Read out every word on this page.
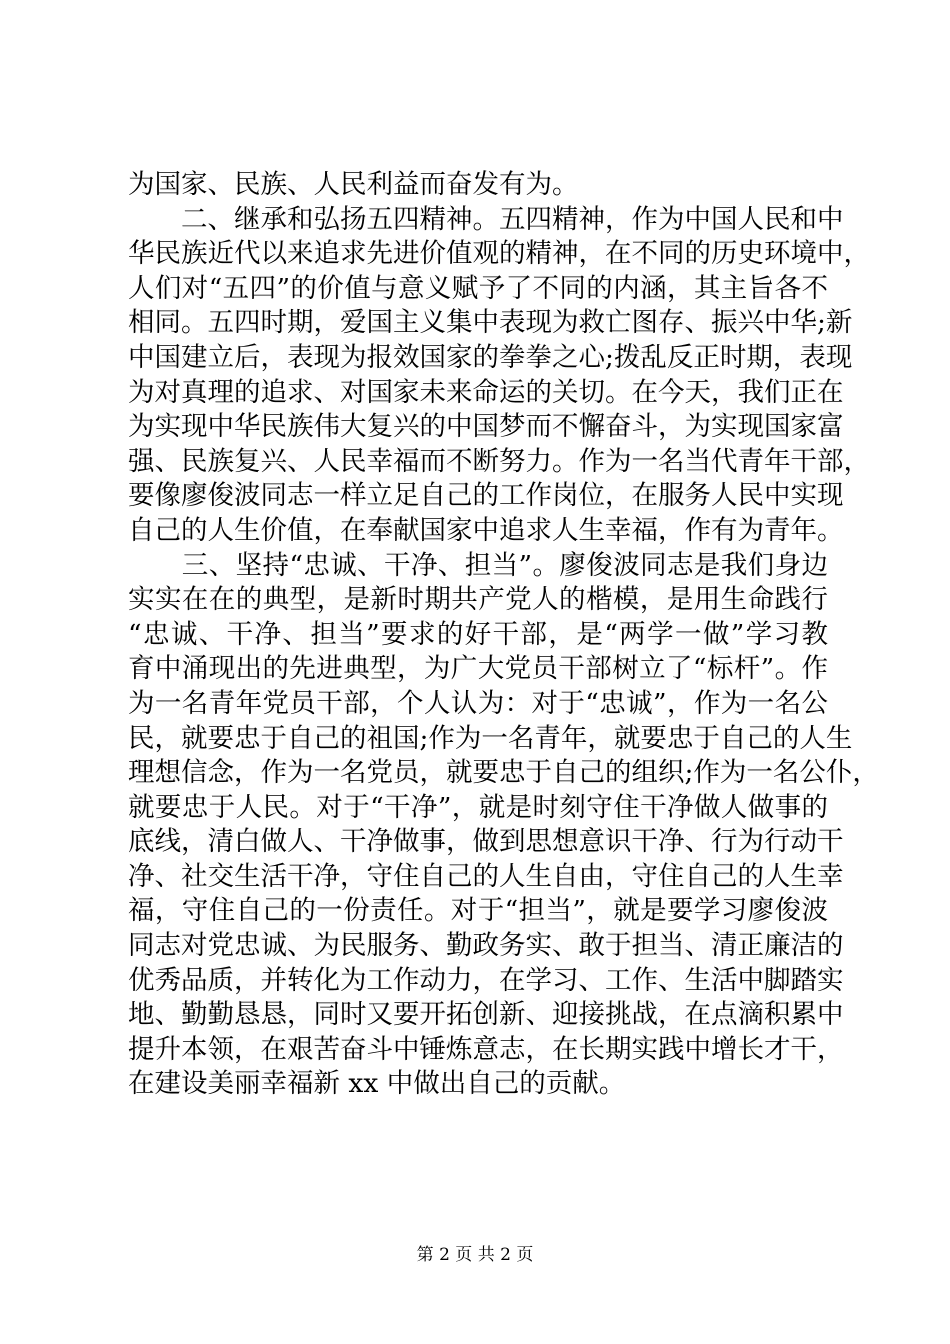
为国家、民族、人民利益而奋发有为。
　　二、继承和弘扬五四精神。五四精神，作为中国人民和中
华民族近代以来追求先进价值观的精神，在不同的历史环境中，
人们对“五四”的价值与意义赋予了不同的内涵，其主旨各不
相同。五四时期，爱国主义集中表现为救亡图存、振兴中华;新
中国建立后，表现为报效国家的拳拳之心;拨乱反正时期，表现
为对真理的追求、对国家未来命运的关切。在今天，我们正在
为实现中华民族伟大复兴的中国梦而不懈奋斗，为实现国家富
强、民族复兴、人民幸福而不断努力。作为一名当代青年干部，
要像廖俊波同志一样立足自己的工作岗位，在服务人民中实现
自己的人生价值，在奉献国家中追求人生幸福，作有为青年。
　　三、坚持“忠诚、干净、担当”。廖俊波同志是我们身边
实实在在的典型，是新时期共产党人的楷模，是用生命践行
“忠诚、干净、担当”要求的好干部，是“两学一做”学习教
育中涌现出的先进典型，为广大党员干部树立了“标杆”。作
为一名青年党员干部，个人认为：对于“忠诚”，作为一名公
民，就要忠于自己的祖国;作为一名青年，就要忠于自己的人生
理想信念，作为一名党员，就要忠于自己的组织;作为一名公仆，
就要忠于人民。对于“干净”，就是时刻守住干净做人做事的
底线，清白做人、干净做事，做到思想意识干净、行为行动干
净、社交生活干净，守住自己的人生自由，守住自己的人生幸
福，守住自己的一份责任。对于“担当”，就是要学习廖俊波
同志对党忠诚、为民服务、勤政务实、敢于担当、清正廉洁的
优秀品质，并转化为工作动力，在学习、工作、生活中脚踏实
地、勤勤恳恳，同时又要开拓创新、迎接挑战，在点滴积累中
提升本领，在艰苦奋斗中锤炼意志，在长期实践中增长才干，
在建设美丽幸福新 xx 中做出自己的贡献。
第 2 页 共 2 页
